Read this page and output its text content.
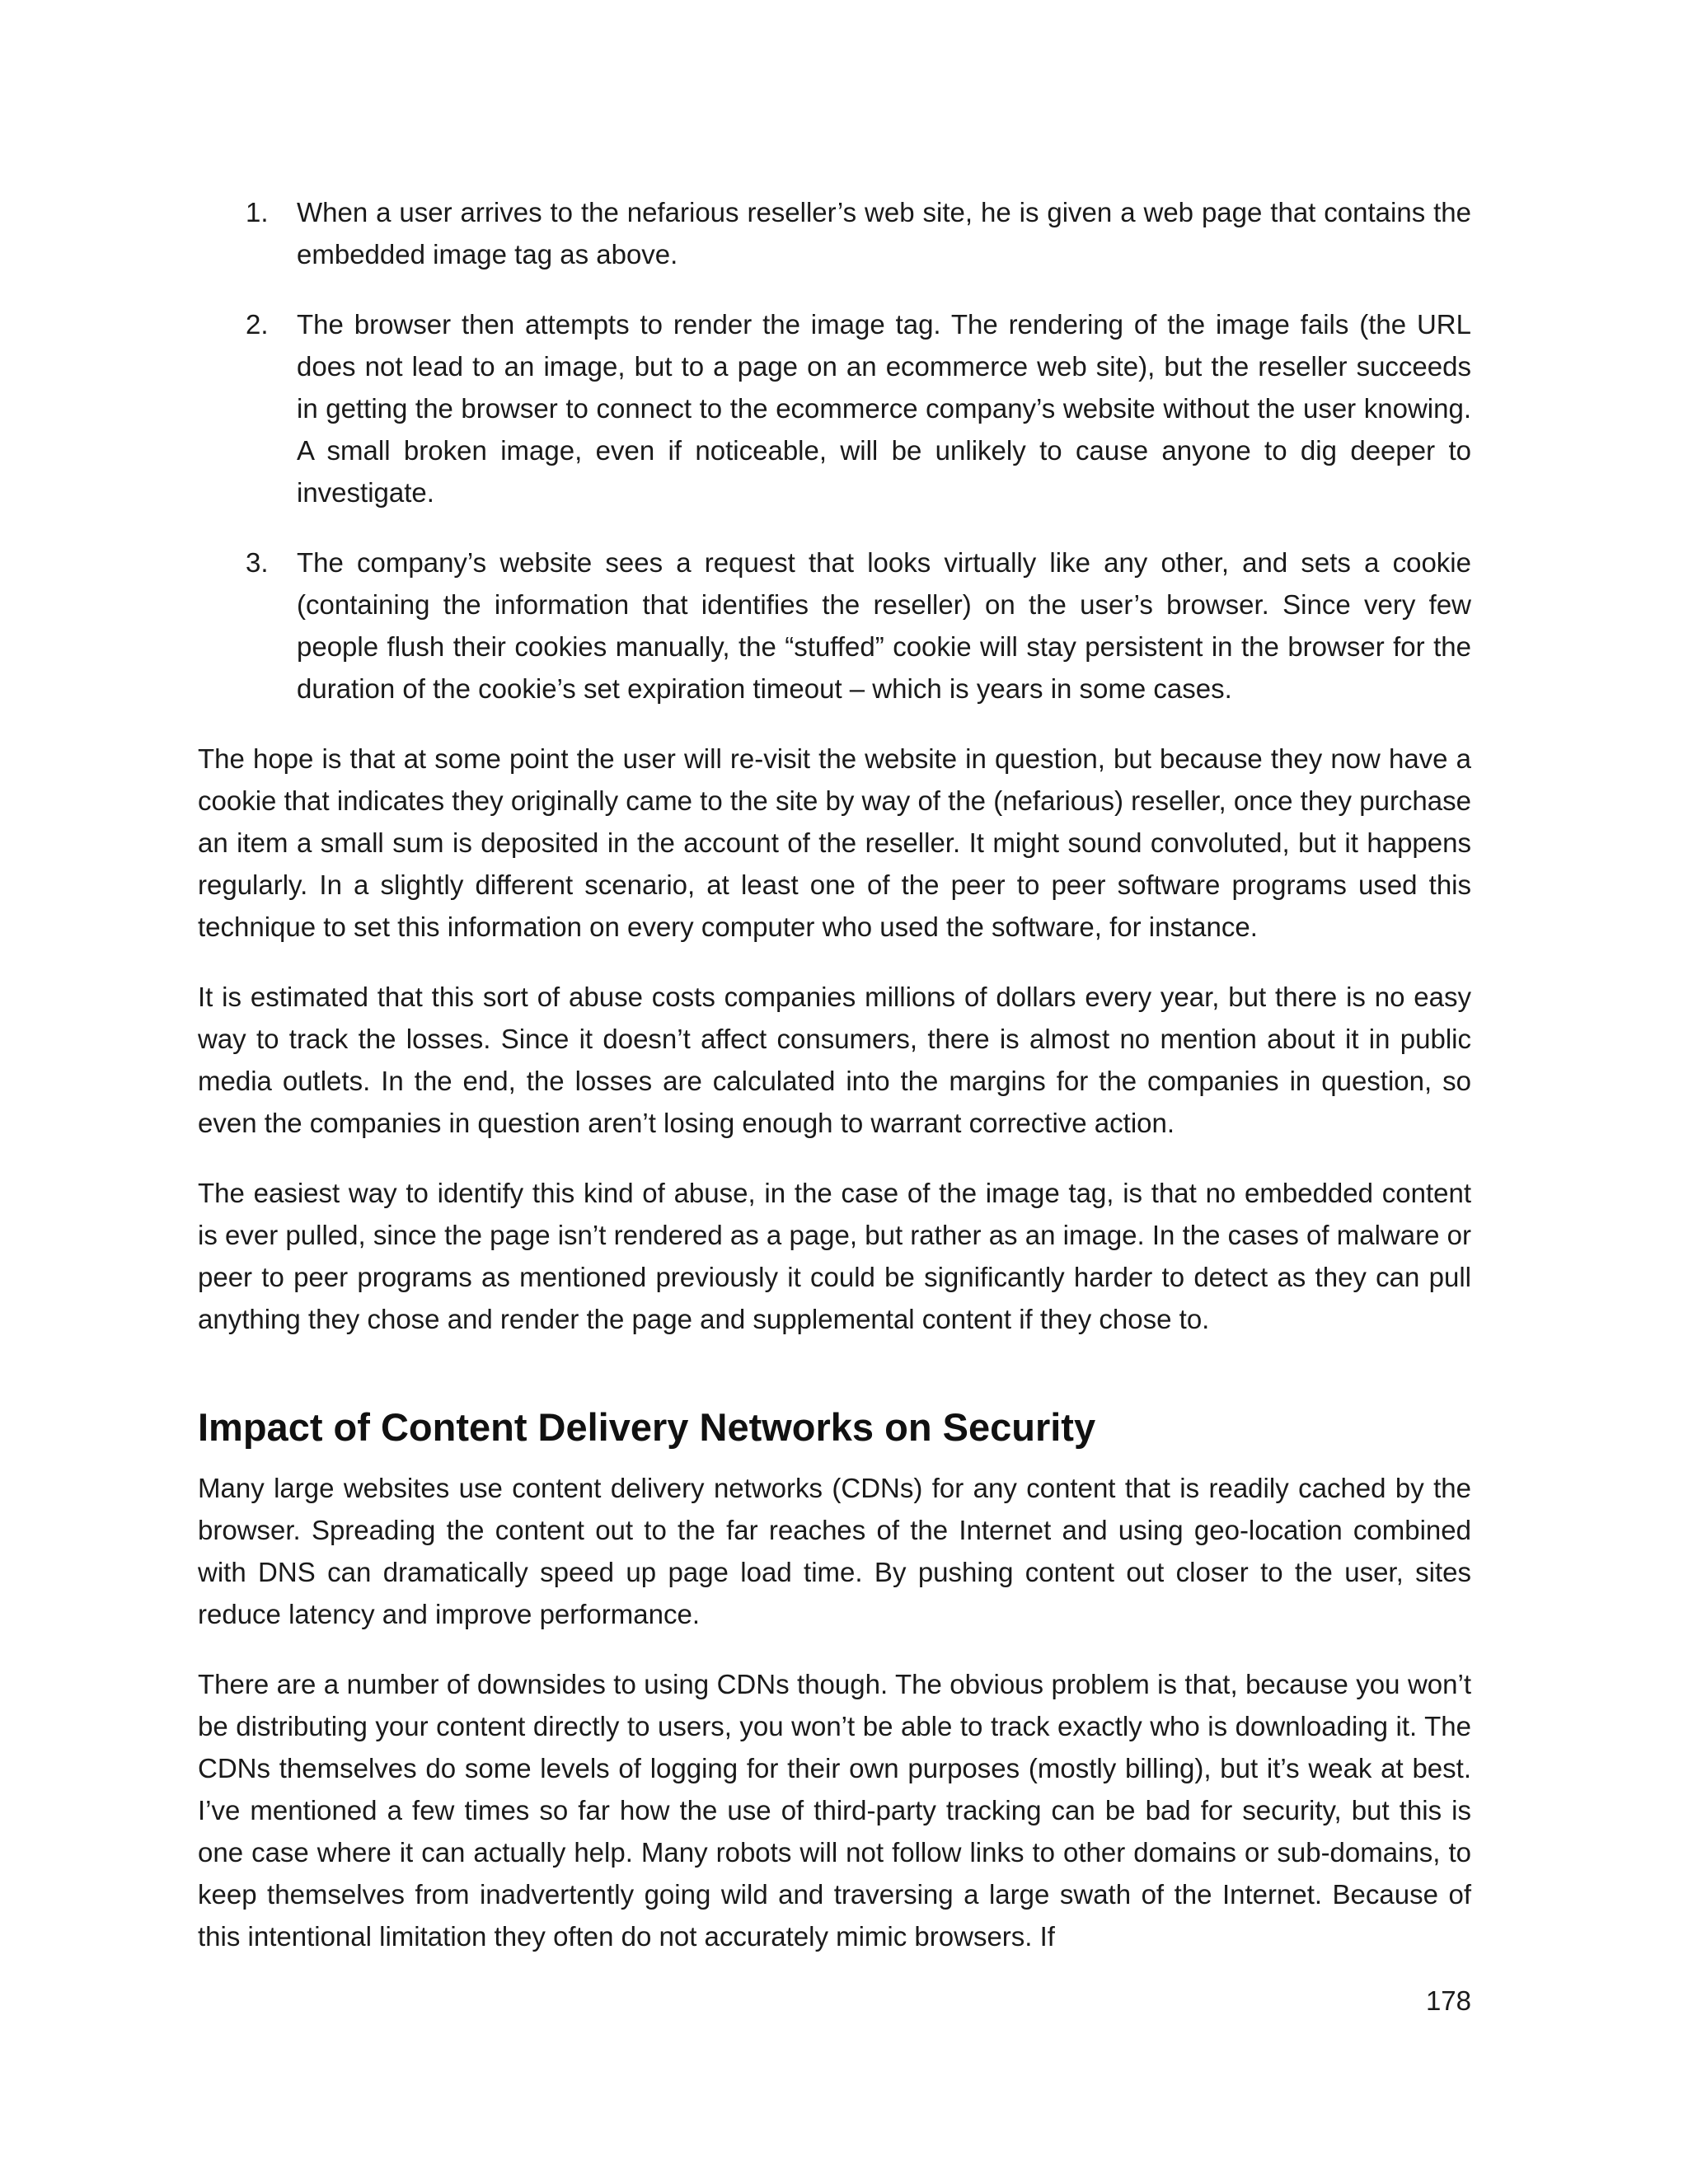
1. When a user arrives to the nefarious reseller’s web site, he is given a web page that contains the embedded image tag as above.
2. The browser then attempts to render the image tag. The rendering of the image fails (the URL does not lead to an image, but to a page on an ecommerce web site), but the reseller succeeds in getting the browser to connect to the ecommerce company’s website without the user knowing. A small broken image, even if noticeable, will be unlikely to cause anyone to dig deeper to investigate.
3. The company’s website sees a request that looks virtually like any other, and sets a cookie (containing the information that identifies the reseller) on the user’s browser. Since very few people flush their cookies manually, the “stuffed” cookie will stay persistent in the browser for the duration of the cookie’s set expiration timeout – which is years in some cases.

The hope is that at some point the user will re-visit the website in question, but because they now have a cookie that indicates they originally came to the site by way of the (nefarious) reseller, once they purchase an item a small sum is deposited in the account of the reseller. It might sound convoluted, but it happens regularly. In a slightly different scenario, at least one of the peer to peer software programs used this technique to set this information on every computer who used the software, for instance.

It is estimated that this sort of abuse costs companies millions of dollars every year, but there is no easy way to track the losses. Since it doesn’t affect consumers, there is almost no mention about it in public media outlets. In the end, the losses are calculated into the margins for the companies in question, so even the companies in question aren’t losing enough to warrant corrective action.

The easiest way to identify this kind of abuse, in the case of the image tag, is that no embedded content is ever pulled, since the page isn’t rendered as a page, but rather as an image. In the cases of malware or peer to peer programs as mentioned previously it could be significantly harder to detect as they can pull anything they chose and render the page and supplemental content if they chose to.

Impact of Content Delivery Networks on Security

Many large websites use content delivery networks (CDNs) for any content that is readily cached by the browser. Spreading the content out to the far reaches of the Internet and using geo-location combined with DNS can dramatically speed up page load time. By pushing content out closer to the user, sites reduce latency and improve performance.

There are a number of downsides to using CDNs though. The obvious problem is that, because you won’t be distributing your content directly to users, you won’t be able to track exactly who is downloading it. The CDNs themselves do some levels of logging for their own purposes (mostly billing), but it’s weak at best. I’ve mentioned a few times so far how the use of third-party tracking can be bad for security, but this is one case where it can actually help. Many robots will not follow links to other domains or sub-domains, to keep themselves from inadvertently going wild and traversing a large swath of the Internet. Because of this intentional limitation they often do not accurately mimic browsers. If

178
